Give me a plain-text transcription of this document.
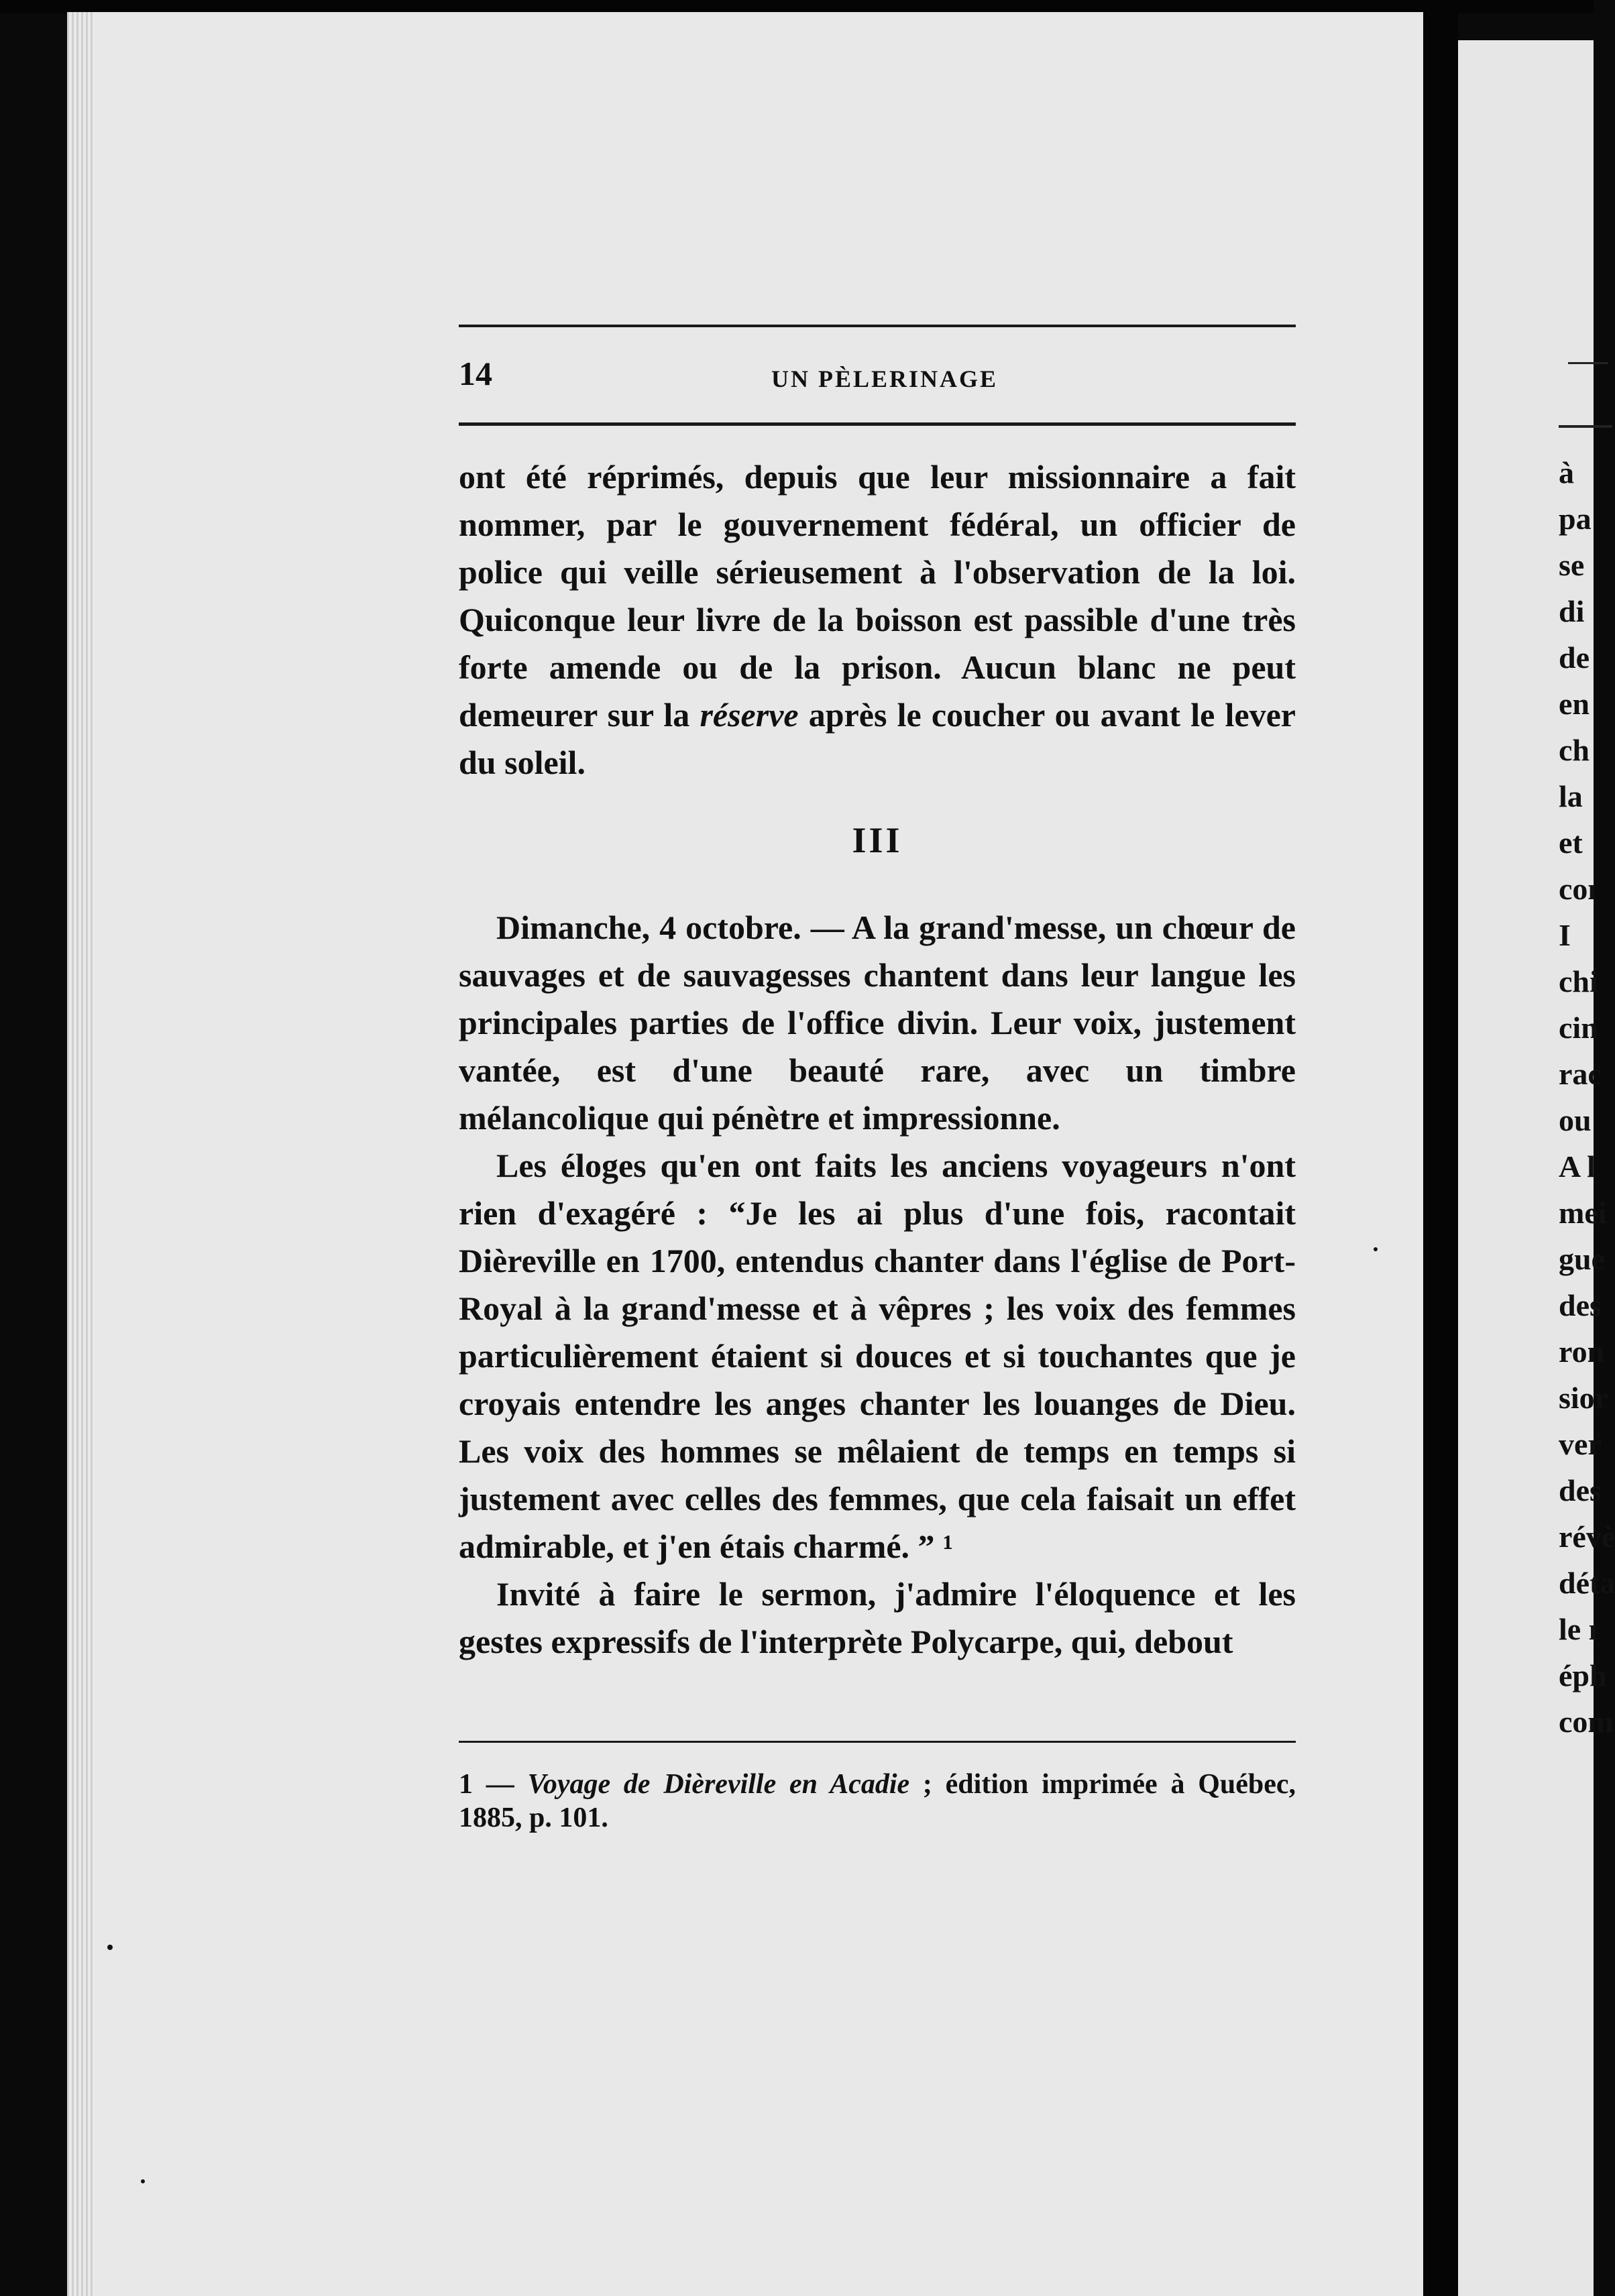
à
pa
se
di
de
en
ch
la
et
coı
I
chi
cin
rac
ou
A l
mei
gue
des
ron
sior
ver
des
révè
déta
le ı
éph
com
14	UN PÈLERINAGE

ont été réprimés, depuis que leur missionnaire a fait nommer, par le gouvernement fédéral, un officier de police qui veille sérieusement à l'observation de la loi. Quiconque leur livre de la boisson est passible d'une très forte amende ou de la prison. Aucun blanc ne peut demeurer sur la réserve après le coucher ou avant le lever du soleil.

III

Dimanche, 4 octobre. — A la grand'messe, un chœur de sauvages et de sauvagesses chantent dans leur langue les principales parties de l'office divin. Leur voix, justement vantée, est d'une beauté rare, avec un timbre mélancolique qui pénètre et impressionne.

Les éloges qu'en ont faits les anciens voyageurs n'ont rien d'exagéré : “Je les ai plus d'une fois, racontait Dièreville en 1700, entendus chanter dans l'église de Port-Royal à la grand'messe et à vêpres ; les voix des femmes particulièrement étaient si douces et si touchantes que je croyais entendre les anges chanter les louanges de Dieu. Les voix des hommes se mêlaient de temps en temps si justement avec celles des femmes, que cela faisait un effet admirable, et j'en étais charmé. ” ¹

Invité à faire le sermon, j'admire l'éloquence et les gestes expressifs de l'interprète Polycarpe, qui, debout

1 — Voyage de Dièreville en Acadie ; édition imprimée à Québec, 1885, p. 101.
